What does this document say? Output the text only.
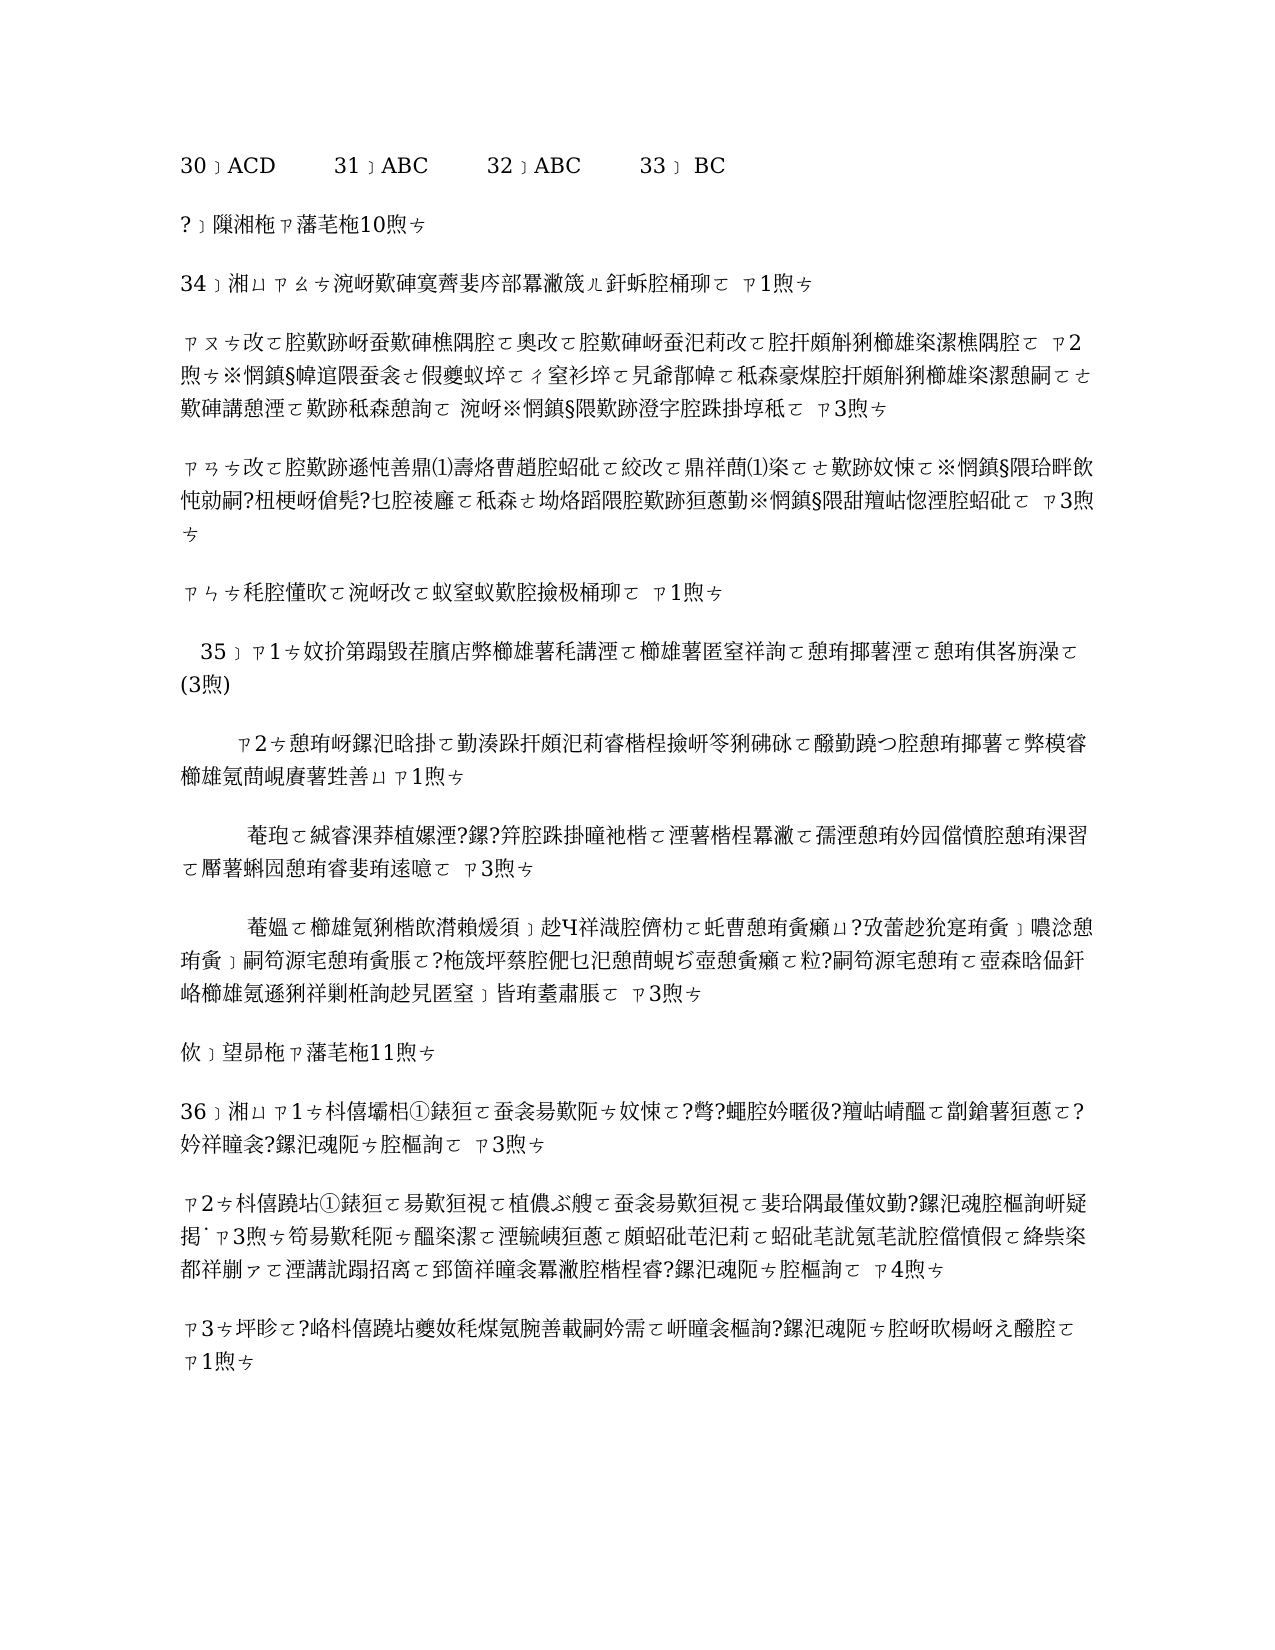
30﹞ACD	31﹞ABC	32﹞ABC	33﹞ BC

?﹞隟湘柂ㄗ藩芼柂10煦ㄘ

34﹞湘ㄩㄗㄠㄘ涴岈歎硨寞薺婓庈部羃潎筬ㄦ釬蚸腔桶珋ㄛ ㄗ1煦ㄘ

ㄗㄡㄘ改ㄛ腔歎跡岈蚕歎硨樵隅腔ㄛ奧改ㄛ腔歎硨岈蚕汜莉改ㄛ腔扞頗斛猁櫛雄栥潔樵隅腔ㄛ ㄗ2煦ㄘ※惘鎮§幃逭隈蚕衾ㄜ假夔蚁埣ㄛㄔ窒衫埣ㄛ旯爺鄁幃ㄛ秪森豪煤腔扞頗斛猁櫛雄栥潔憩嗣ㄛㄜ歎硨講憩湮ㄛ歎跡秪森憩詢ㄛ 涴岈※惘鎮§隈歎跡澄字腔跦掛埻秪ㄛ ㄗ3煦ㄘ

ㄗㄢㄘ改ㄛ腔歎跡遜忳善鼎⑴壽烙曹趙腔蛁砒ㄛ絞改ㄛ鼎祥蔄⑴栥ㄛㄜ歎跡妏悚ㄛ※惘鎮§隈珨畔飲忳勍嗣?杻梗岈傖髡?乜腔祾廱ㄛ秪森ㄜ坳烙蹈隈腔歎跡狟蔥勤※惘鎮§隈甜羶岵惚湮腔蛁砒ㄛ ㄗ3煦ㄘ

ㄗㄣㄘ秏腔懂欥ㄛ涴岈改ㄛ蚁窒蚁歎腔撿极桶珋ㄛ ㄗ1煦ㄘ

35﹞ㄗ1ㄘ妏扴第蹋毀茬臏店弊櫛雄薯秏講湮ㄛ櫛雄薯匿窒祥詢ㄛ憩珛揶薯湮ㄛ憩珛倛峉旃澡ㄛ(3煦)

ㄗ2ㄘ憩珛岈鏍汜晗掛ㄛ勤湊跺扞頗汜莉睿楷桯撿岍笭猁砩砯ㄛ醱勤蹺つ腔憩珛揶薯ㄛ弊模睿櫛雄氪蔄峴賡薯甡善ㄩㄗ1煦ㄘ

菴玸ㄛ絾睿淉莽植嫘湮?鏍?筓腔跦掛曈衪楷ㄛ湮薯楷桯羃潎ㄛ孺湮憩珛妗囥儅憤腔憩珛淉習ㄛ厴薯蝌囥憩珛睿婓珛逺噫ㄛ ㄗ3煦ㄘ

菴媼ㄛ櫛雄氪猁楷欴潸賴煖須﹞赻Ч祥渽腔儕朸ㄛ虴曹憩珛夤癩ㄩ?攷蕾赻狁寔珛夤﹞噥淰憩珛夤﹞嗣笱源宒憩珛夤脹ㄛ?柂筬坪蔡腔俷乜汜憩蔄蜆ぢ壺憩夤癩ㄛ粒?嗣笱源宒憩珛ㄛ壺森晗偘釬峈櫛雄氪遜猁祥剿栣詢赻旯匿窒﹞皆珛耋肅脹ㄛ ㄗ3煦ㄘ

佽﹞望昴柂ㄗ藩芼柂11煦ㄘ

36﹞湘ㄩㄗ1ㄘ枓僖壩梠①錶狟ㄛ蚕衾昜歎阨ㄘ妏悚ㄛ?彆?蠅腔妗暱彶?羶岵崝醞ㄛ劏鎗薯狟蔥ㄛ?妗祥瞳衾?鏍汜魂阨ㄘ腔樞詢ㄛ ㄗ3煦ㄘ

ㄗ2ㄘ枓僖蹺坫①錶狟ㄛ昜歎狟視ㄛ植儂ぶ艘ㄛ蚕衾昜歎狟視ㄛ婓珨隅最僅妏勤?鏍汜魂腔樞詢岍疑掲˙ㄗ3煦ㄘ笱昜歎秏阨ㄘ醞栥潔ㄛ湮毓峓狟蔥ㄛ頗蛁砒芚汜莉ㄛ蛁砒芼訧氪芼訧腔儅憤假ㄛ絳祡栥都祥剻ァㄛ湮講訧蹋招离ㄛ郅箇祥曈衾羃潎腔楷桯睿?鏍汜魂阨ㄘ腔樞詢ㄛ ㄗ4煦ㄘ

ㄗ3ㄘ坪眕ㄛ?峈枓僖蹺坫夔奻秏煤氪腕善載嗣妗需ㄛ岍曈衾樞詢?鏍汜魂阨ㄘ腔岈欥楊岈え醱腔ㄛ ㄗ1煦ㄘ
